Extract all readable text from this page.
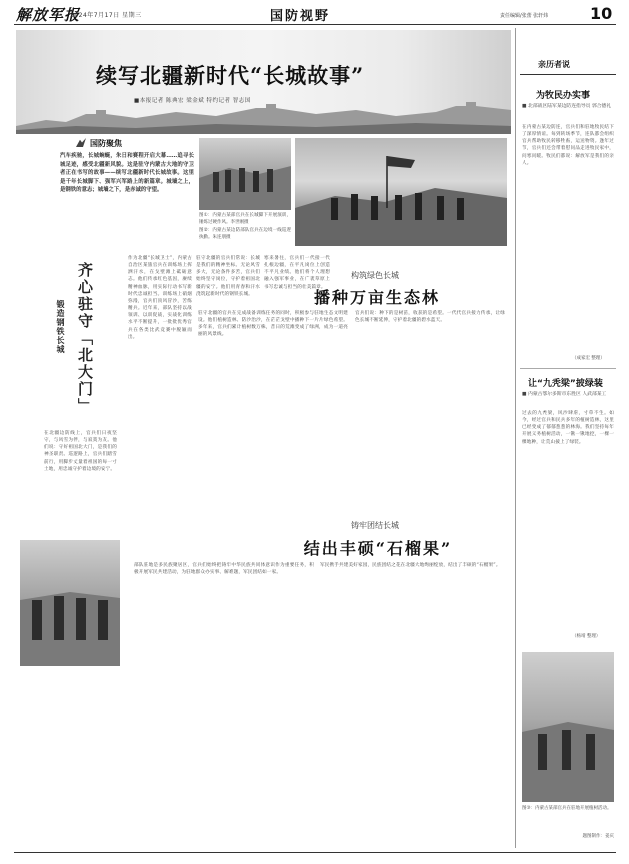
解放军报
2024年7月17日 星期三	国防视野	责任编辑/张蕾 张轩炜	10
续写北疆新时代“长城故事”
■本报记者 陈典宏 梁金斌 特约记者 智志国
国防聚焦
汽车疾驰，长城蜿蜒，朱日和赛程开启大幕……追寻长城足迹，感受北疆新风貌。这是驻守内蒙古大地的守卫者正在书写的故事——续写北疆新时代长城故事。这里是千年长城脚下、强军兴军路上的新篇章。城墙之上，是钢铁的意志；城墙之下，是赤诚的守望。
图①：内蒙古某部官兵在长城脚下开展演训，锤炼过硬作风。李世刚摄
图②：内蒙古某边防部队官兵在边境一线巡逻执勤。朱连朋摄
齐心驻守「北大门」
锻造钢铁长城
在北疆边防线上，官兵们日夜坚守，与风雪为伴，与寂寞为友。他们说：守好祖国北大门，是我们的神圣职责。巡逻路上，官兵们踏雪前行，用脚步丈量着祖国的每一寸土地，用忠诚守护着边境的安宁。
作为北疆“长城卫士”，内蒙古自治区某旅官兵在训练场上挥洒汗水，在戈壁滩上砥砺意志。他们传承红色基因，赓续精神血脉，用实际行动书写新时代忠诚担当。训练场上硝烟弥漫，官兵们顶风冒沙，苦练精兵。近年来，部队坚持以战领训、以训促战，实战化训练水平不断提升，一批批优秀官兵在各类比武竞赛中脱颖而出。
驻守北疆的官兵们常说：长城是我们的精神坐标。无论风雪多大，无论条件多苦，官兵们始终坚守岗位，守护着祖国北疆的安宁。他们用青春和汗水浇筑起新时代的钢铁长城。
寒来暑往，官兵们一代接一代扎根边疆，在平凡岗位上创造不平凡业绩。他们将个人理想融入强军事业，在广袤草原上书写忠诚与担当的壮美篇章。
构筑绿色长城
播种万亩生态林
驻守北疆的官兵在完成战备训练任务的同时，积极参与驻地生态文明建设。他们植树造林、防沙治沙，在茫茫戈壁中播种下一片片绿色希望。多年来，官兵们累计植树数万株，昔日的荒滩变成了绿洲，成为一道亮丽的风景线。
官兵们说：种下的是树苗，收获的是希望。一代代官兵接力传承，让绿色长城不断延伸，守护着北疆的碧水蓝天。
铸牢团结长城
结出丰硕“石榴果”
部队驻地是多民族聚居区，官兵们始终把铸牢中华民族共同体意识作为重要任务，积极开展军民共建活动，为驻地群众办实事、解难题，军民团结如一家。
军民携手共建美好家园，民族团结之花在北疆大地绚丽绽放，结出了丰硕的“石榴果”。
亲历者说
为牧民办实事
■ 北部战区陆军某边防连指导员 郭合德礼
在内蒙古某边防连，官兵们和驻地牧民结下了深厚情谊。每到转场季节，连队都会组织官兵帮助牧民转移牲畜，运送物资。逢年过节，官兵们还会带着慰问品走进牧民家中，问寒问暖。牧民们都说：解放军是我们的亲人。
（成家宏 整理）
让“九秃梁”披绿装
■ 内蒙古鄂尔多斯市东胜区 人武部某工
过去的九秃梁，风沙肆虐，寸草不生。如今，经过官兵和民兵多年的植树造林，这里已经变成了郁郁葱葱的林海。我们坚持每年开展义务植树活动，一锹一锹地挖，一棵一棵地种，让荒山披上了绿装。
（杨靖 整理）
图③：内蒙古某部官兵在驻地开展植树活动。
题图制作：姜庆
